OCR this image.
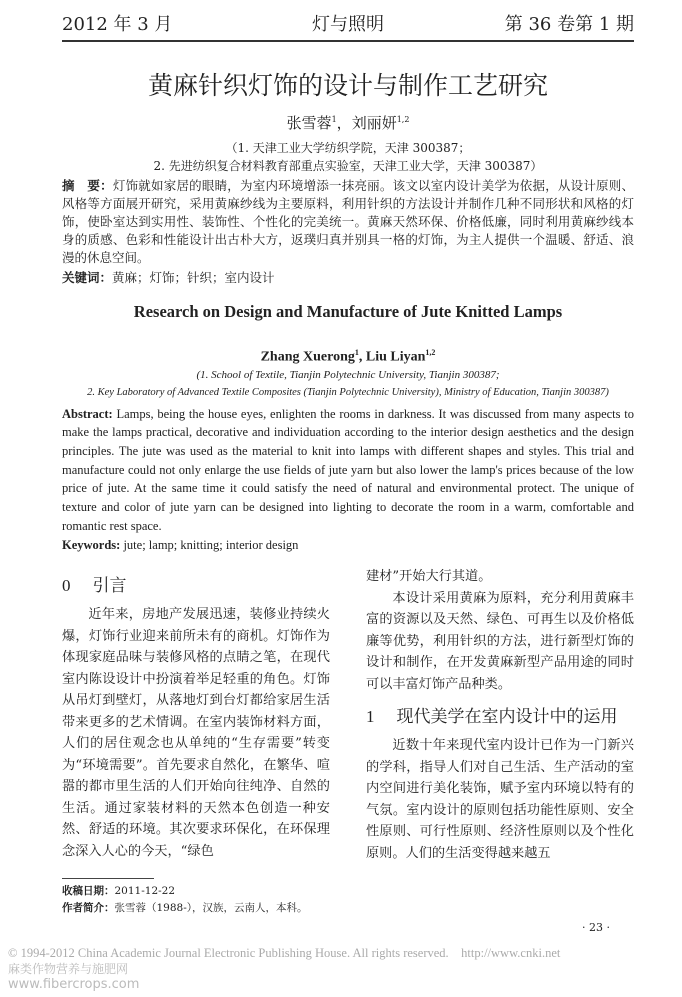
2012 年 3 月	灯与照明	第 36 卷第 1 期
黄麻针织灯饰的设计与制作工艺研究
张雪蓉$^1$，刘丽妍$^{1,2}$
（1. 天津工业大学纺织学院，天津 300387；
2. 先进纺织复合材料教育部重点实验室，天津工业大学，天津 300387）
摘　要：灯饰就如家居的眼睛，为室内环境增添一抹亮丽。该文以室内设计美学为依据，从设计原则、风格等方面展开研究，采用黄麻纱线为主要原料，利用针织的方法设计并制作几种不同形状和风格的灯饰，使卧室达到实用性、装饰性、个性化的完美统一。黄麻天然环保、价格低廉，同时利用黄麻纱线本身的质感、色彩和性能设计出古朴大方，返璞归真并别具一格的灯饰，为主人提供一个温暖、舒适、浪漫的休息空间。
关键词：黄麻；灯饰；针织；室内设计
Research on Design and Manufacture of Jute Knitted Lamps
Zhang Xuerong$^1$, Liu Liyan$^{1,2}$
(1. School of Textile, Tianjin Polytechnic University, Tianjin 300387;
2. Key Laboratory of Advanced Textile Composites (Tianjin Polytechnic University), Ministry of Education, Tianjin 300387)
Abstract: Lamps, being the house eyes, enlighten the rooms in darkness. It was discussed from many aspects to make the lamps practical, decorative and individuation according to the interior design aesthetics and the design principles. The jute was used as the material to knit into lamps with different shapes and styles. This trial and manufacture could not only enlarge the use fields of jute yarn but also lower the lamp's prices because of the low price of jute. At the same time it could satisfy the need of natural and environmental protect. The unique of texture and color of jute yarn can be designed into lighting to decorate the room in a warm, comfortable and romantic rest space.
Keywords: jute; lamp; knitting; interior design
0 引言
近年来，房地产发展迅速，装修业持续火爆，灯饰行业迎来前所未有的商机。灯饰作为体现家庭品味与装修风格的点睛之笔，在现代室内陈设设计中扮演着举足轻重的角色。灯饰从吊灯到壁灯，从落地灯到台灯都给家居生活带来更多的艺术情调。在室内装饰材料方面，人们的居住观念也从单纯的“生存需要”转变为“环境需要”。首先要求自然化，在繁华、喧嚣的都市里生活的人们开始向往纯净、自然的生活。通过家装材料的天然本色创造一种安然、舒适的环境。其次要求环保化，在环保理念深入人心的今天，“绿色
建材”开始大行其道。
本设计采用黄麻为原料，充分利用黄麻丰富的资源以及天然、绿色、可再生以及价格低廉等优势，利用针织的方法，进行新型灯饰的设计和制作，在开发黄麻新型产品用途的同时可以丰富灯饰产品种类。
1 现代美学在室内设计中的运用
近数十年来现代室内设计已作为一门新兴的学科，指导人们对自己生活、生产活动的室内空间进行美化装饰，赋予室内环境以特有的气氛。室内设计的原则包括功能性原则、安全性原则、可行性原则、经济性原则以及个性化原则。人们的生活变得越来越五
收稿日期：2011-12-22
作者简介：张雪蓉（1988-），汉族，云南人，本科。
· 23 ·
© 1994-2012 China Academic Journal Electronic Publishing House. All rights reserved.    http://www.cnki.net
麻类作物营养与施肥网
www.fibercrops.com
